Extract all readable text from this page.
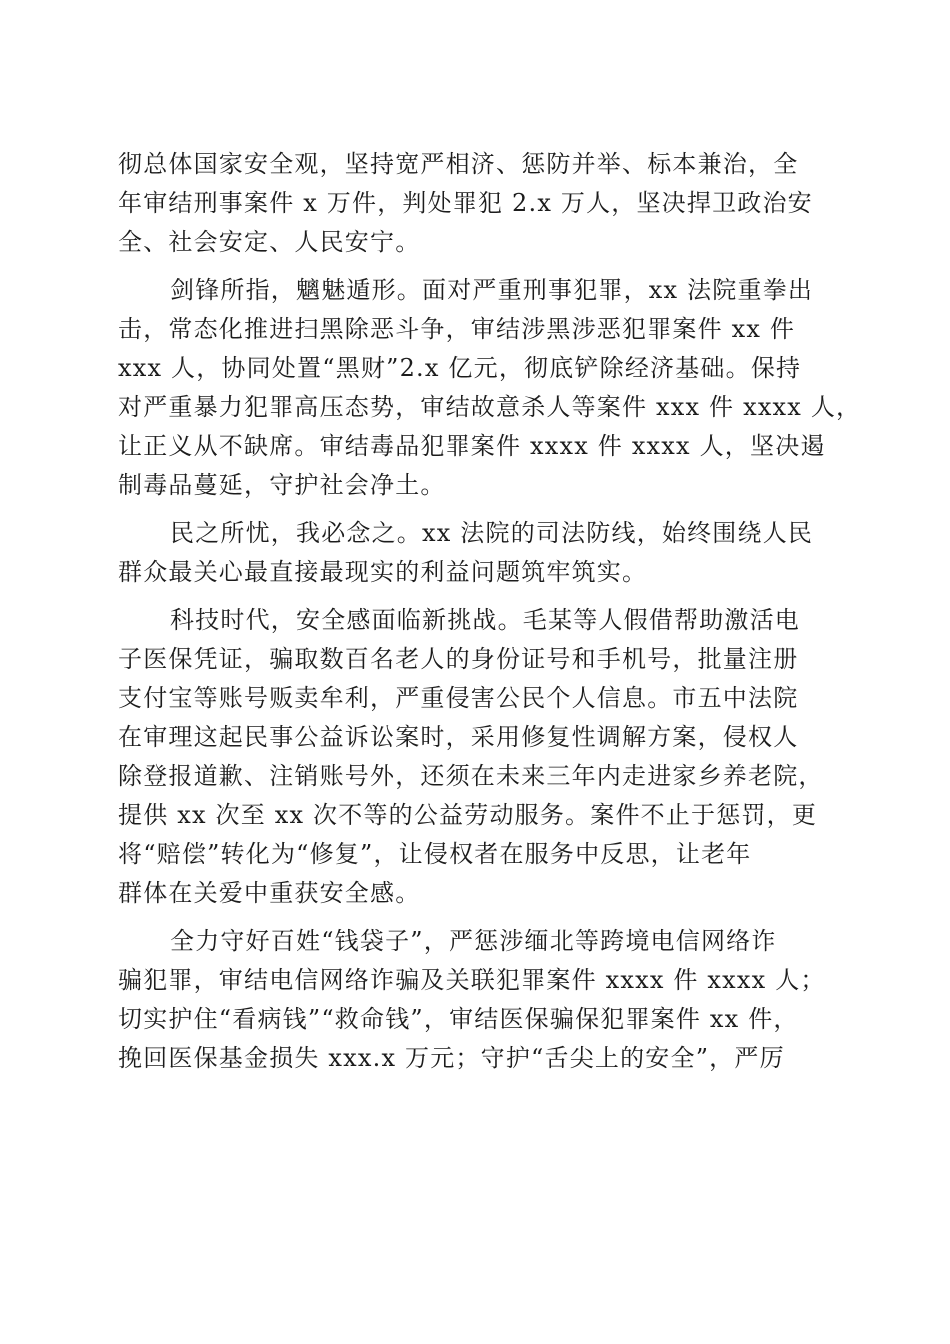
彻总体国家安全观，坚持宽严相济、惩防并举、标本兼治，全
年审结刑事案件 x 万件，判处罪犯 2.x 万人，坚决捍卫政治安
全、社会安定、人民安宁。
剑锋所指，魑魅遁形。面对严重刑事犯罪，xx 法院重拳出
击，常态化推进扫黑除恶斗争，审结涉黑涉恶犯罪案件 xx 件
xxx 人，协同处置“黑财”2.x 亿元，彻底铲除经济基础。保持
对严重暴力犯罪高压态势，审结故意杀人等案件 xxx 件 xxxx 人，
让正义从不缺席。审结毒品犯罪案件 xxxx 件 xxxx 人，坚决遏
制毒品蔓延，守护社会净土。
民之所忧，我必念之。xx 法院的司法防线，始终围绕人民
群众最关心最直接最现实的利益问题筑牢筑实。
科技时代，安全感面临新挑战。毛某等人假借帮助激活电
子医保凭证，骗取数百名老人的身份证号和手机号，批量注册
支付宝等账号贩卖牟利，严重侵害公民个人信息。市五中法院
在审理这起民事公益诉讼案时，采用修复性调解方案，侵权人
除登报道歉、注销账号外，还须在未来三年内走进家乡养老院，
提供 xx 次至 xx 次不等的公益劳动服务。案件不止于惩罚，更
将“赔偿”转化为“修复”，让侵权者在服务中反思，让老年
群体在关爱中重获安全感。
全力守好百姓“钱袋子”，严惩涉缅北等跨境电信网络诈
骗犯罪，审结电信网络诈骗及关联犯罪案件 xxxx 件 xxxx 人；
切实护住“看病钱”“救命钱”，审结医保骗保犯罪案件 xx 件，
挽回医保基金损失 xxx.x 万元；守护“舌尖上的安全”，严厉
